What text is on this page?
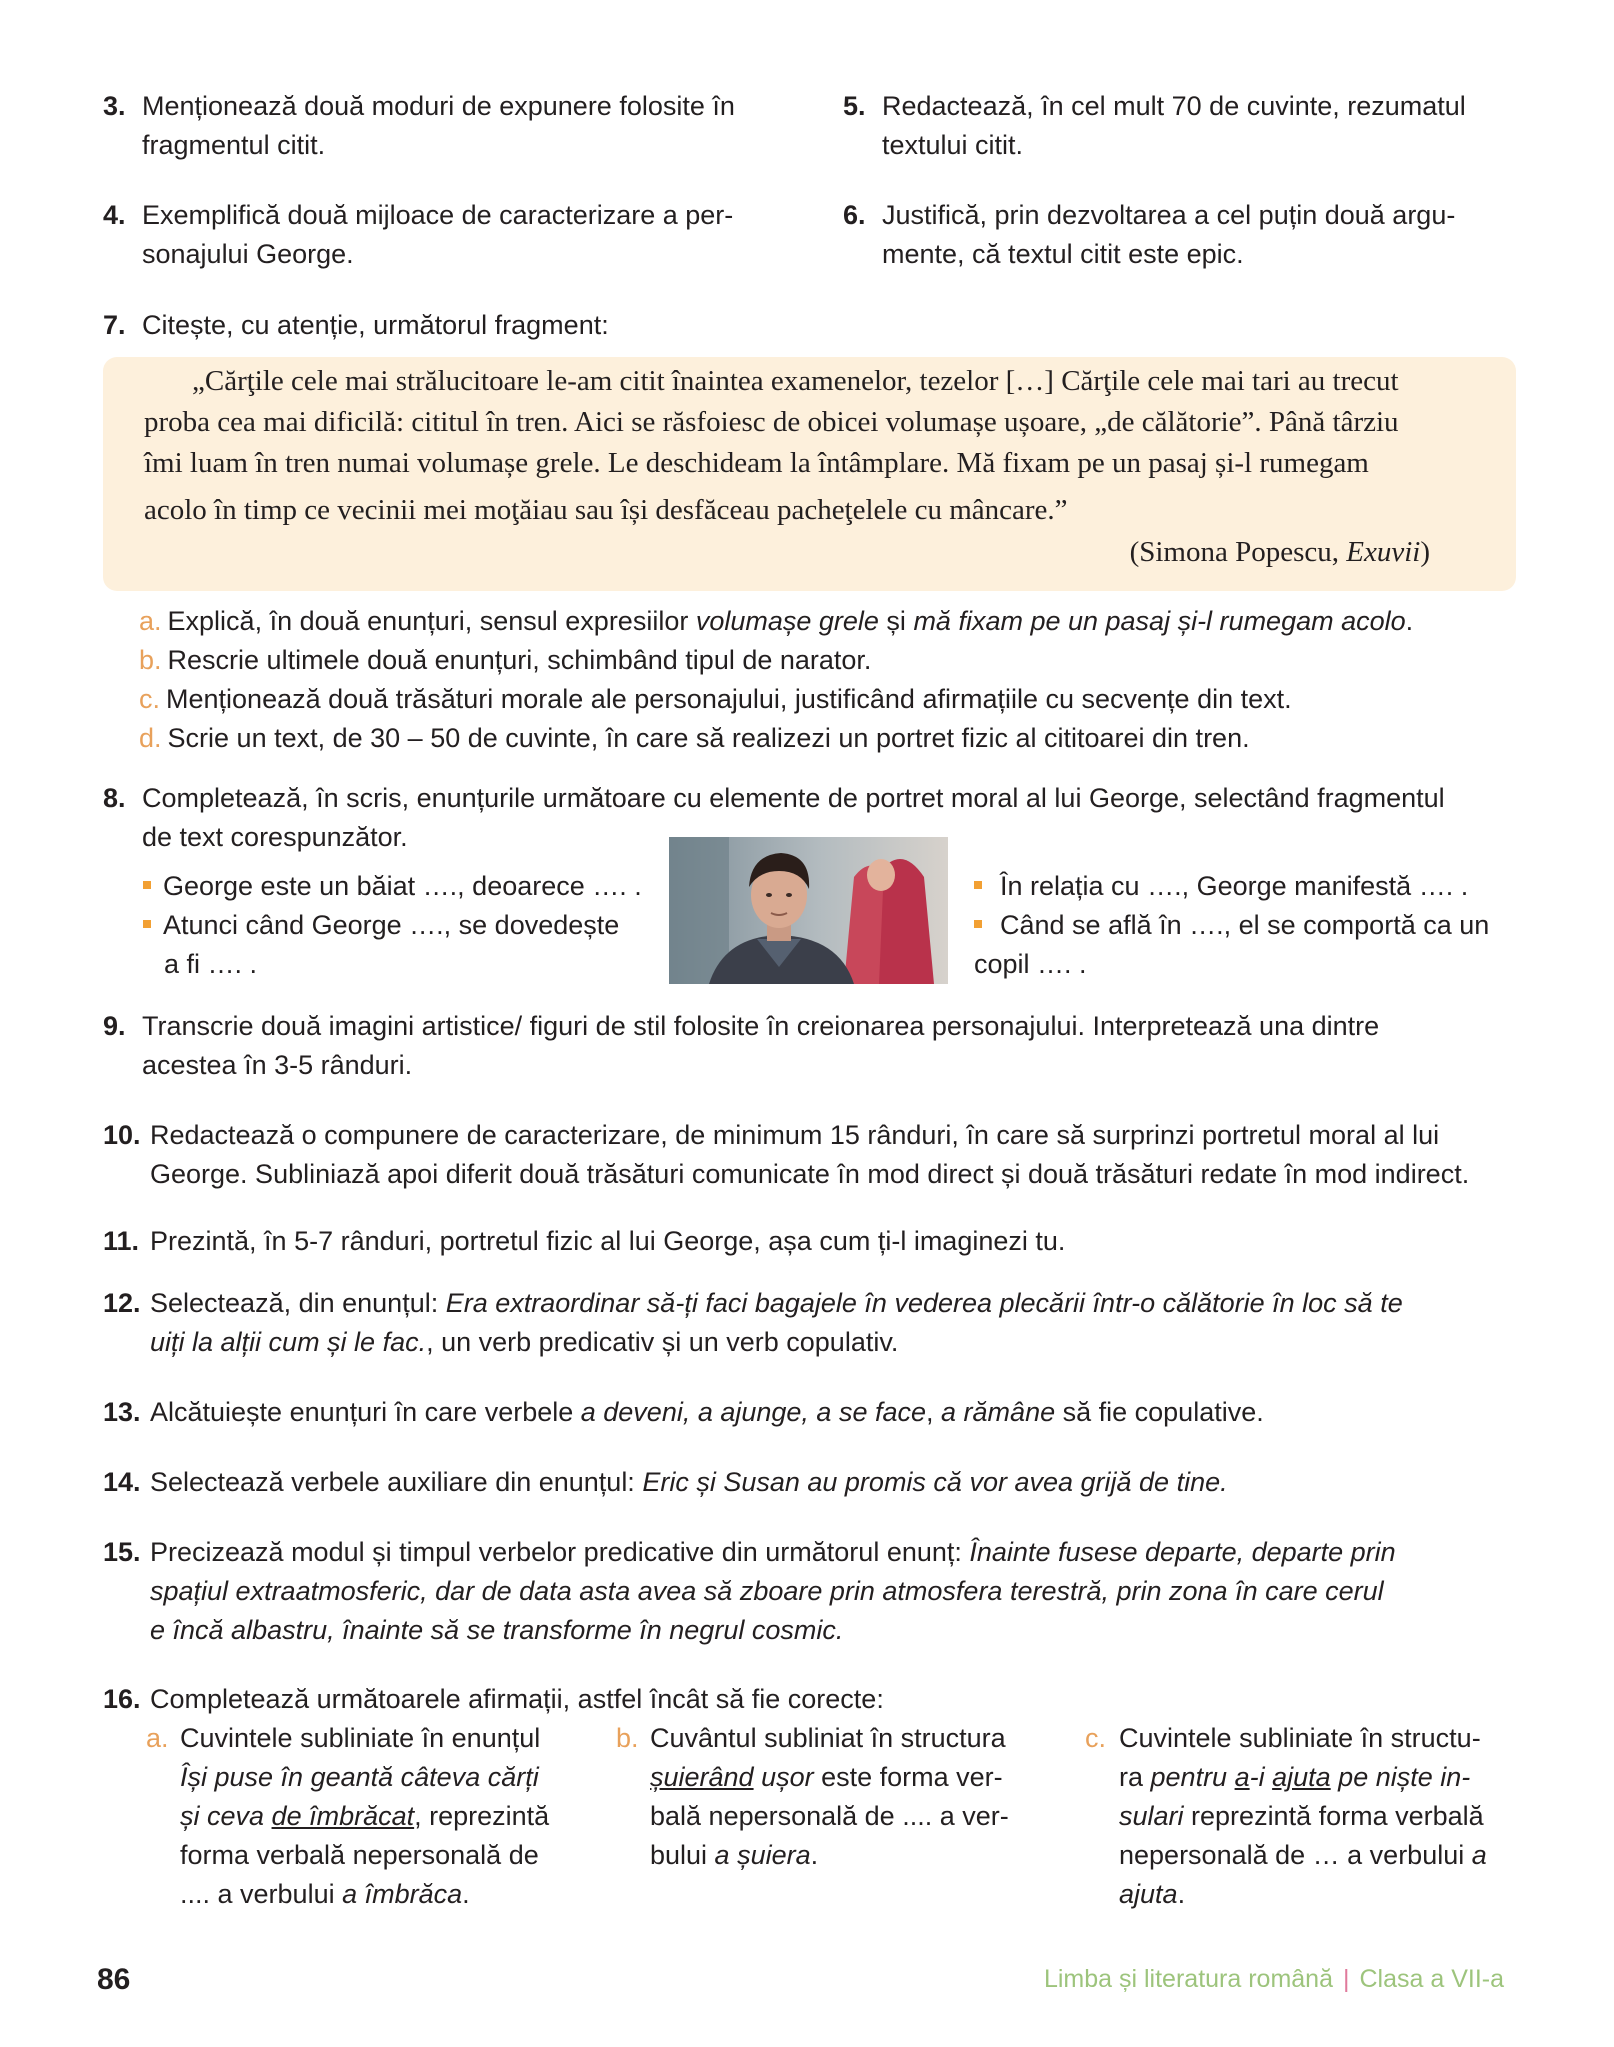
3. Menționează două moduri de expunere folosite în
fragmentul citit.
4. Exemplifică două mijloace de caracterizare a per-
sonajului George.
5. Redactează, în cel mult 70 de cuvinte, rezumatul
textului citit.
6. Justifică, prin dezvoltarea a cel puțin două argu-
mente, că textul citit este epic.
7. Citește, cu atenție, următorul fragment:
„Cărţile cele mai strălucitoare le-am citit înaintea examenelor, tezelor […] Cărţile cele mai tari au trecut
proba cea mai dificilă: cititul în tren. Aici se răsfoiesc de obicei volumașe ușoare, „de călătorie”. Până târziu
îmi luam în tren numai volumașe grele. Le deschideam la întâmplare. Mă fixam pe un pasaj și-l rumegam
acolo în timp ce vecinii mei moţăiau sau își desfăceau pacheţelele cu mâncare.”
(Simona Popescu, Exuvii)
a. Explică, în două enunțuri, sensul expresiilor volumașe grele și mă fixam pe un pasaj și-l rumegam acolo.
b. Rescrie ultimele două enunțuri, schimbând tipul de narator.
c. Menționează două trăsături morale ale personajului, justificând afirmațiile cu secvențe din text.
d. Scrie un text, de 30 – 50 de cuvinte, în care să realizezi un portret fizic al cititoarei din tren.
8. Completează, în scris, enunțurile următoare cu elemente de portret moral al lui George, selectând fragmentul
de text corespunzător.
George este un băiat …., deoarece …. .
Atunci când George …., se dovedește
a fi …. .
În relația cu …., George manifestă …. .
Când se află în …., el se comportă ca un
copil …. .
9. Transcrie două imagini artistice/ figuri de stil folosite în creionarea personajului. Interpretează una dintre
acestea în 3-5 rânduri.
10. Redactează o compunere de caracterizare, de minimum 15 rânduri, în care să surprinzi portretul moral al lui
George. Subliniază apoi diferit două trăsături comunicate în mod direct și două trăsături redate în mod indirect.
11. Prezintă, în 5-7 rânduri, portretul fizic al lui George, așa cum ți-l imaginezi tu.
12. Selectează, din enunțul: Era extraordinar să-ți faci bagajele în vederea plecării într-o călătorie în loc să te
uiți la alții cum și le fac., un verb predicativ și un verb copulativ.
13. Alcătuiește enunțuri în care verbele a deveni, a ajunge, a se face, a rămâne să fie copulative.
14. Selectează verbele auxiliare din enunțul: Eric și Susan au promis că vor avea grijă de tine.
15. Precizează modul și timpul verbelor predicative din următorul enunț: Înainte fusese departe, departe prin
spațiul extraatmosferic, dar de data asta avea să zboare prin atmosfera terestră, prin zona în care cerul
e încă albastru, înainte să se transforme în negrul cosmic.
16. Completează următoarele afirmații, astfel încât să fie corecte:
a. Cuvintele subliniate în enunțul
Își puse în geantă câteva cărți
și ceva de îmbrăcat, reprezintă
forma verbală nepersonală de
.... a verbului a îmbrăca.
b. Cuvântul subliniat în structura
șuierând ușor este forma ver-
bală nepersonală de .... a ver-
bului a șuiera.
c. Cuvintele subliniate în structu-
ra pentru a-i ajuta pe niște in-
sulari reprezintă forma verbală
nepersonală de … a verbului a
ajuta.
86	Limba și literatura română | Clasa a VII-a
